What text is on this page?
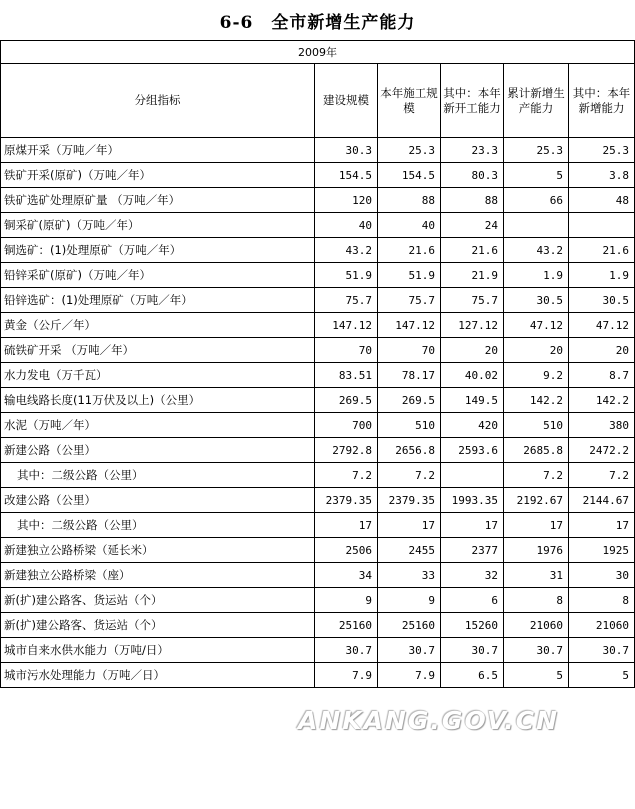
6-6　全市新增生产能力
2009年
分组指标	建设规模	本年施工规模	其中：本年新开工能力	累计新增生产能力	其中：本年新增能力
原煤开采（万吨／年）	30.3	25.3	23.3	25.3	25.3
铁矿开采(原矿)（万吨／年）	154.5	154.5	80.3	5	3.8
铁矿选矿处理原矿量 （万吨／年）	120	88	88	66	48
铜采矿(原矿)（万吨／年）	40	40	24		
铜选矿：(1)处理原矿（万吨／年）	43.2	21.6	21.6	43.2	21.6
铅锌采矿(原矿)（万吨／年）	51.9	51.9	21.9	1.9	1.9
铅锌选矿：(1)处理原矿（万吨／年）	75.7	75.7	75.7	30.5	30.5
黄金（公斤／年）	147.12	147.12	127.12	47.12	47.12
硫铁矿开采 （万吨／年）	70	70	20	20	20
水力发电（万千瓦）	83.51	78.17	40.02	9.2	8.7
输电线路长度(11万伏及以上)（公里）	269.5	269.5	149.5	142.2	142.2
水泥（万吨／年）	700	510	420	510	380
新建公路（公里）	2792.8	2656.8	2593.6	2685.8	2472.2
其中：二级公路（公里）	7.2	7.2		7.2	7.2
改建公路（公里）	2379.35	2379.35	1993.35	2192.67	2144.67
其中：二级公路（公里）	17	17	17	17	17
新建独立公路桥梁（延长米）	2506	2455	2377	1976	1925
新建独立公路桥梁（座）	34	33	32	31	30
新(扩)建公路客、货运站（个）	9	9	6	8	8
新(扩)建公路客、货运站（个）	25160	25160	15260	21060	21060
城市自来水供水能力（万吨/日）	30.7	30.7	30.7	30.7	30.7
城市污水处理能力（万吨／日）	7.9	7.9	6.5	5	5
ANKANG.GOV.CN
